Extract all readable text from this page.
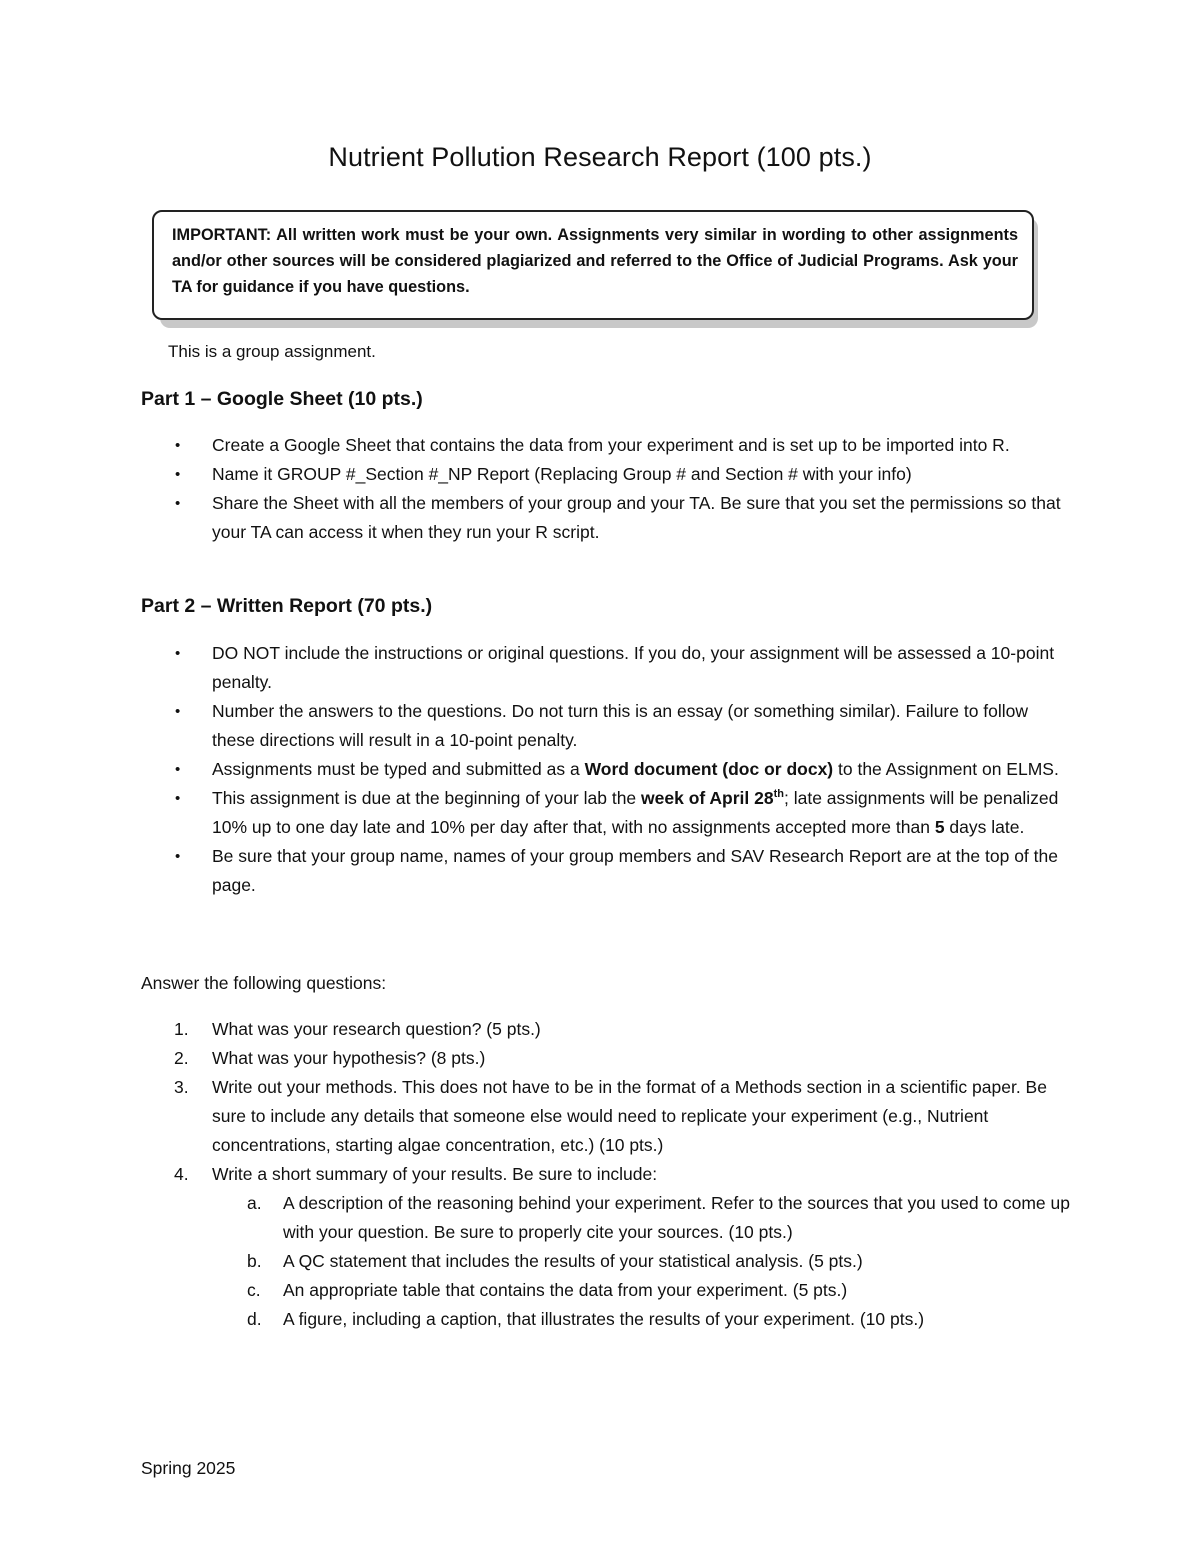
Nutrient Pollution Research Report (100 pts.)
IMPORTANT: All written work must be your own. Assignments very similar in wording to other assignments and/or other sources will be considered plagiarized and referred to the Office of Judicial Programs. Ask your TA for guidance if you have questions.
This is a group assignment.
Part 1 – Google Sheet (10 pts.)
• Create a Google Sheet that contains the data from your experiment and is set up to be imported into R.
• Name it GROUP #_Section #_NP Report (Replacing Group # and Section # with your info)
• Share the Sheet with all the members of your group and your TA. Be sure that you set the permissions so that your TA can access it when they run your R script.
Part 2 – Written Report (70 pts.)
• DO NOT include the instructions or original questions. If you do, your assignment will be assessed a 10-point penalty.
• Number the answers to the questions. Do not turn this is an essay (or something similar). Failure to follow these directions will result in a 10-point penalty.
• Assignments must be typed and submitted as a Word document (doc or docx) to the Assignment on ELMS.
• This assignment is due at the beginning of your lab the week of April 28th; late assignments will be penalized 10% up to one day late and 10% per day after that, with no assignments accepted more than 5 days late.
• Be sure that your group name, names of your group members and SAV Research Report are at the top of the page.
Answer the following questions:
1. What was your research question? (5 pts.)
2. What was your hypothesis? (8 pts.)
3. Write out your methods. This does not have to be in the format of a Methods section in a scientific paper. Be sure to include any details that someone else would need to replicate your experiment (e.g., Nutrient concentrations, starting algae concentration, etc.) (10 pts.)
4. Write a short summary of your results. Be sure to include:
a. A description of the reasoning behind your experiment. Refer to the sources that you used to come up with your question. Be sure to properly cite your sources. (10 pts.)
b. A QC statement that includes the results of your statistical analysis. (5 pts.)
c. An appropriate table that contains the data from your experiment. (5 pts.)
d. A figure, including a caption, that illustrates the results of your experiment. (10 pts.)
Spring 2025
